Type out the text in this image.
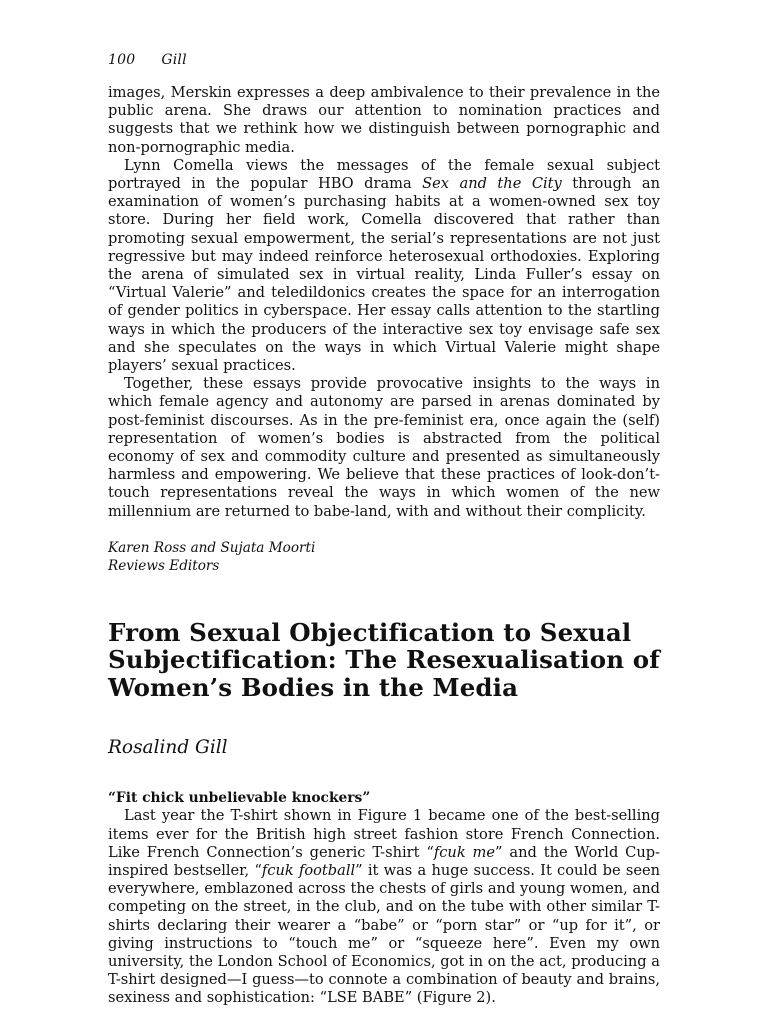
100 Gill

images, Merskin expresses a deep ambivalence to their prevalence in the public arena. She draws our attention to nomination practices and suggests that we rethink how we distinguish between pornographic and non-pornographic media.

Lynn Comella views the messages of the female sexual subject portrayed in the popular HBO drama Sex and the City through an examination of women’s purchasing habits at a women-owned sex toy store. During her field work, Comella discovered that rather than promoting sexual empowerment, the serial’s representations are not just regressive but may indeed reinforce heterosexual orthodoxies. Exploring the arena of simulated sex in virtual reality, Linda Fuller’s essay on “Virtual Valerie” and teledildonics creates the space for an interrogation of gender politics in cyberspace. Her essay calls attention to the startling ways in which the producers of the interactive sex toy envisage safe sex and she speculates on the ways in which Virtual Valerie might shape players’ sexual practices.

Together, these essays provide provocative insights to the ways in which female agency and autonomy are parsed in arenas dominated by post-feminist discourses. As in the pre-feminist era, once again the (self) representation of women’s bodies is abstracted from the political economy of sex and commodity culture and presented as simultaneously harmless and empowering. We believe that these practices of look-don’t-touch representations reveal the ways in which women of the new millennium are returned to babe-land, with and without their complicity.

Karen Ross and Sujata Moorti
Reviews Editors
From Sexual Objectification to Sexual Subjectification: The Resexualisation of Women’s Bodies in the Media
Rosalind Gill
“Fit chick unbelievable knockers”

Last year the T-shirt shown in Figure 1 became one of the best-selling items ever for the British high street fashion store French Connection. Like French Connection’s generic T-shirt “fcuk me” and the World Cup-inspired bestseller, “fcuk football” it was a huge success. It could be seen everywhere, emblazoned across the chests of girls and young women, and competing on the street, in the club, and on the tube with other similar T-shirts declaring their wearer a “babe” or “porn star” or “up for it”, or giving instructions to “touch me” or “squeeze here”. Even my own university, the London School of Economics, got in on the act, producing a T-shirt designed—I guess—to connote a combination of beauty and brains, sexiness and sophistication: “LSE BABE” (Figure 2).
